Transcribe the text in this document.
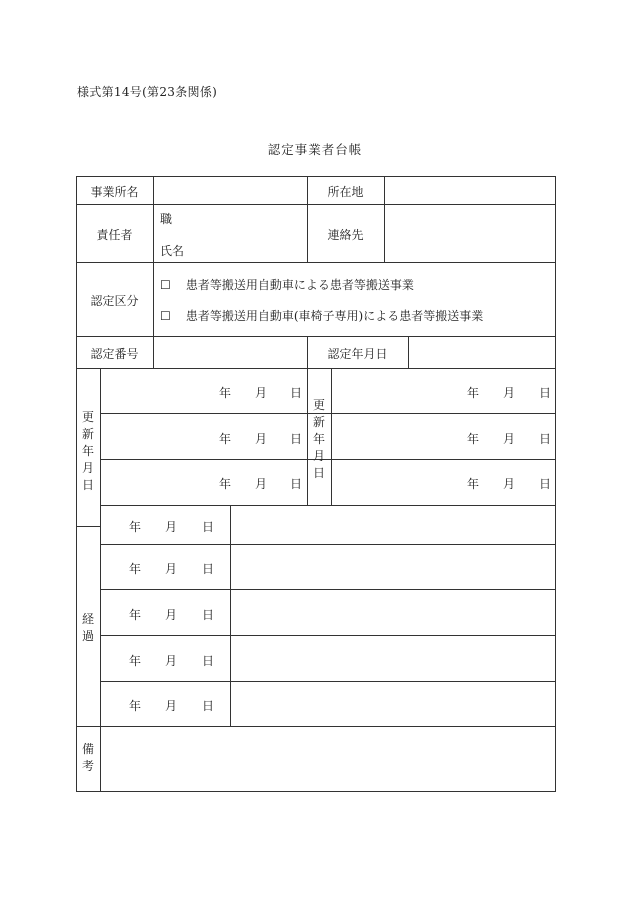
様式第14号(第23条関係)
認定事業者台帳
事業所名	所在地
責任者
職
氏名
連絡先
認定区分
☐ 患者等搬送用自動車による患者等搬送事業
☐ 患者等搬送用自動車(車椅子専用)による患者等搬送事業
認定番号	認定年月日
更
新
年
月
日
更
新
年
月
日
年 月 日
年 月 日
年 月 日
年 月 日
年 月 日
年 月 日
経
過
年 月 日
年 月 日
年 月 日
年 月 日
年 月 日
備
考
